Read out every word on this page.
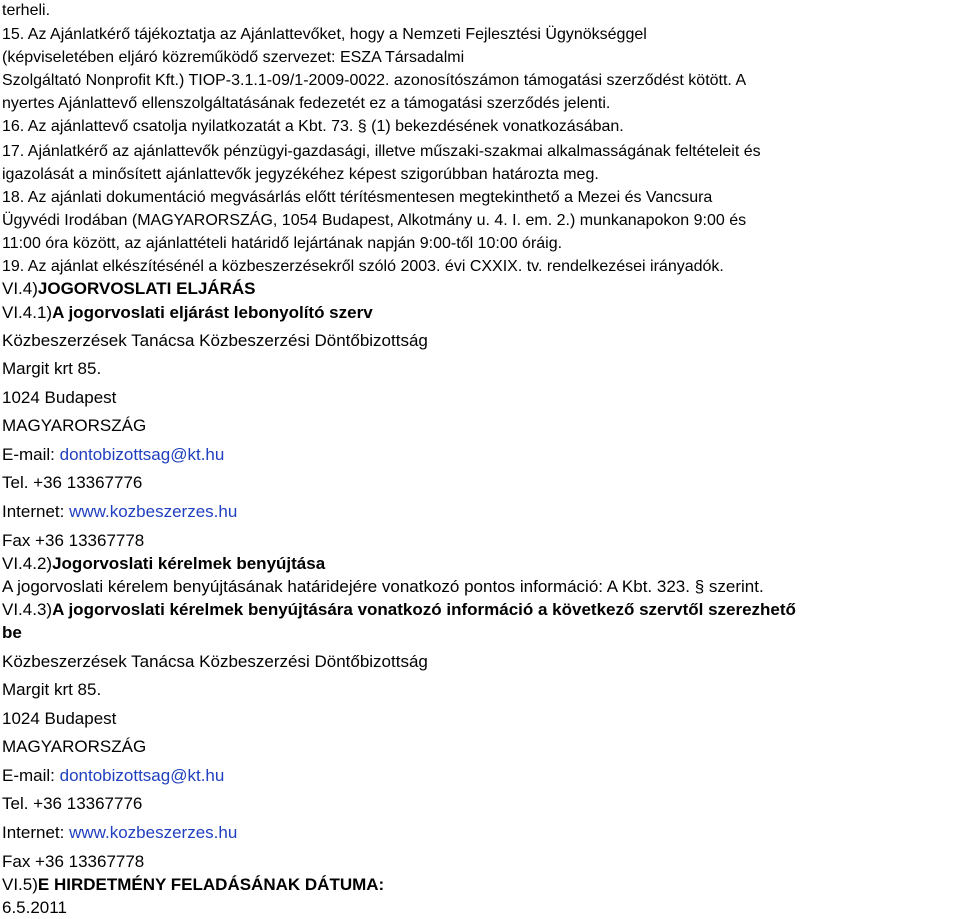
terheli.
15. Az Ajánlatkérő tájékoztatja az Ajánlattevőket, hogy a Nemzeti Fejlesztési Ügynökséggel
(képviseletében eljáró közreműködő szervezet: ESZA Társadalmi
Szolgáltató Nonprofit Kft.) TIOP-3.1.1-09/1-2009-0022. azonosítószámon támogatási szerződést kötött. A
nyertes Ajánlattevő ellenszolgáltatásának fedezetét ez a támogatási szerződés jelenti.
16. Az ajánlattevő csatolja nyilatkozatát a Kbt. 73. § (1) bekezdésének vonatkozásában.
17. Ajánlatkérő az ajánlattevők pénzügyi-gazdasági, illetve műszaki-szakmai alkalmasságának feltételeit és
igazolását a minősített ajánlattevők jegyzékéhez képest szigorúbban határozta meg.
18. Az ajánlati dokumentáció megvásárlás előtt térítésmentesen megtekinthető a Mezei és Vancsura
Ügyvédi Irodában (MAGYARORSZÁG, 1054 Budapest, Alkotmány u. 4. I. em. 2.) munkanapokon 9:00 és
11:00 óra között, az ajánlattételi határidő lejártának napján 9:00-től 10:00 óráig.
19. Az ajánlat elkészítésénél a közbeszerzésekről szóló 2003. évi CXXIX. tv. rendelkezései irányadók.
VI.4)JOGORVOSLATI ELJÁRÁS
VI.4.1)A jogorvoslati eljárást lebonyolító szerv
Közbeszerzések Tanácsa Közbeszerzési Döntőbizottság
Margit krt 85.
1024 Budapest
MAGYARORSZÁG
E-mail: dontobizottsag@kt.hu
Tel. +36 13367776
Internet: www.kozbeszerzes.hu
Fax +36 13367778
VI.4.2)Jogorvoslati kérelmek benyújtása
A jogorvoslati kérelem benyújtásának határidejére vonatkozó pontos információ: A Kbt. 323. § szerint.
VI.4.3)A jogorvoslati kérelmek benyújtására vonatkozó információ a következő szervtől szerezhető
be
Közbeszerzések Tanácsa Közbeszerzési Döntőbizottság
Margit krt 85.
1024 Budapest
MAGYARORSZÁG
E-mail: dontobizottsag@kt.hu
Tel. +36 13367776
Internet: www.kozbeszerzes.hu
Fax +36 13367778
VI.5)E HIRDETMÉNY FELADÁSÁNAK DÁTUMA:
6.5.2011
